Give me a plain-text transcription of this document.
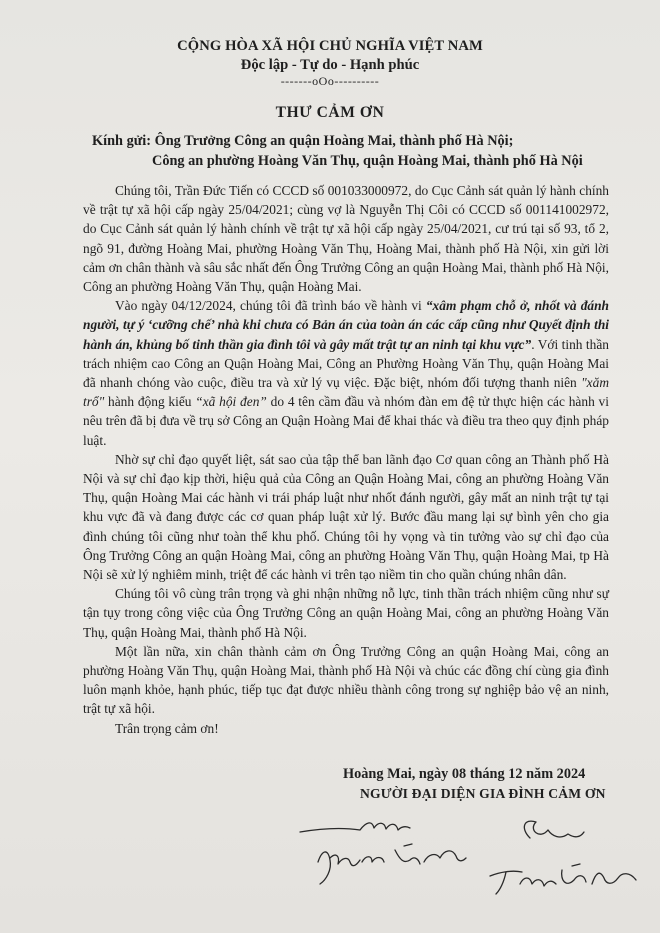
CỘNG HÒA XÃ HỘI CHỦ NGHĨA VIỆT NAM
Độc lập - Tự do - Hạnh phúc
-------oOo----------
THƯ CẢM ƠN
Kính gửi: Ông Trưởng Công an quận Hoàng Mai, thành phố Hà Nội;
Công an phường Hoàng Văn Thụ, quận Hoàng Mai, thành phố Hà Nội

Chúng tôi, Trần Đức Tiến có CCCD số 001033000972, do Cục Cảnh sát quản lý hành chính về trật tự xã hội cấp ngày 25/04/2021; cùng vợ là Nguyễn Thị Côi có CCCD số 001141002972, do Cục Cảnh sát quản lý hành chính về trật tự xã hội cấp ngày 25/04/2021, cư trú tại số 93, tổ 2, ngõ 91, đường Hoàng Mai, phường Hoàng Văn Thụ, Hoàng Mai, thành phố Hà Nội, xin gửi lời cảm ơn chân thành và sâu sắc nhất đến Ông Trưởng Công an quận Hoàng Mai, thành phố Hà Nội, Công an phường Hoàng Văn Thụ, quận Hoàng Mai.

Vào ngày 04/12/2024, chúng tôi đã trình báo về hành vi “xâm phạm chỗ ở, nhốt và đánh người, tự ý ‘cưỡng chế’ nhà khi chưa có Bản án của toàn án các cấp cũng như Quyết định thi hành án, khủng bố tinh thần gia đình tôi và gây mất trật tự an ninh tại khu vực”. Với tinh thần trách nhiệm cao Công an Quận Hoàng Mai, Công an Phường Hoàng Văn Thụ, quận Hoàng Mai đã nhanh chóng vào cuộc, điều tra và xử lý vụ việc. Đặc biệt, nhóm đối tượng thanh niên "xăm trổ" hành động kiểu “xã hội đen” do 4 tên cầm đầu và nhóm đàn em đệ tử thực hiện các hành vi nêu trên đã bị đưa về trụ sở Công an Quận Hoàng Mai để khai thác và điều tra theo quy định pháp luật.

Nhờ sự chỉ đạo quyết liệt, sát sao của tập thể ban lãnh đạo Cơ quan công an Thành phố Hà Nội và sự chỉ đạo kịp thời, hiệu quả của Công an Quận Hoàng Mai, công an phường Hoàng Văn Thụ, quận Hoàng Mai các hành vi trái pháp luật như nhốt đánh người, gây mất an ninh trật tự tại khu vực đã và đang được các cơ quan pháp luật xử lý. Bước đầu mang lại sự bình yên cho gia đình chúng tôi cũng như toàn thể khu phố. Chúng tôi hy vọng và tin tưởng vào sự chỉ đạo của Ông Trưởng Công an quận Hoàng Mai, công an phường Hoàng Văn Thụ, quận Hoàng Mai, tp Hà Nội sẽ xử lý nghiêm minh, triệt để các hành vi trên tạo niềm tin cho quần chúng nhân dân.

Chúng tôi vô cùng trân trọng và ghi nhận những nỗ lực, tinh thần trách nhiệm cũng như sự tận tụy trong công việc của Ông Trưởng Công an quận Hoàng Mai, công an phường Hoàng Văn Thụ, quận Hoàng Mai, thành phố Hà Nội.

Một lần nữa, xin chân thành cảm ơn Ông Trưởng Công an quận Hoàng Mai, công an phường Hoàng Văn Thụ, quận Hoàng Mai, thành phố Hà Nội và chúc các đồng chí cùng gia đình luôn mạnh khỏe, hạnh phúc, tiếp tục đạt được nhiều thành công trong sự nghiệp bảo vệ an ninh, trật tự xã hội.

Trân trọng cảm ơn!

Hoàng Mai, ngày 08 tháng 12 năm 2024
NGƯỜI ĐẠI DIỆN GIA ĐÌNH CẢM ƠN
